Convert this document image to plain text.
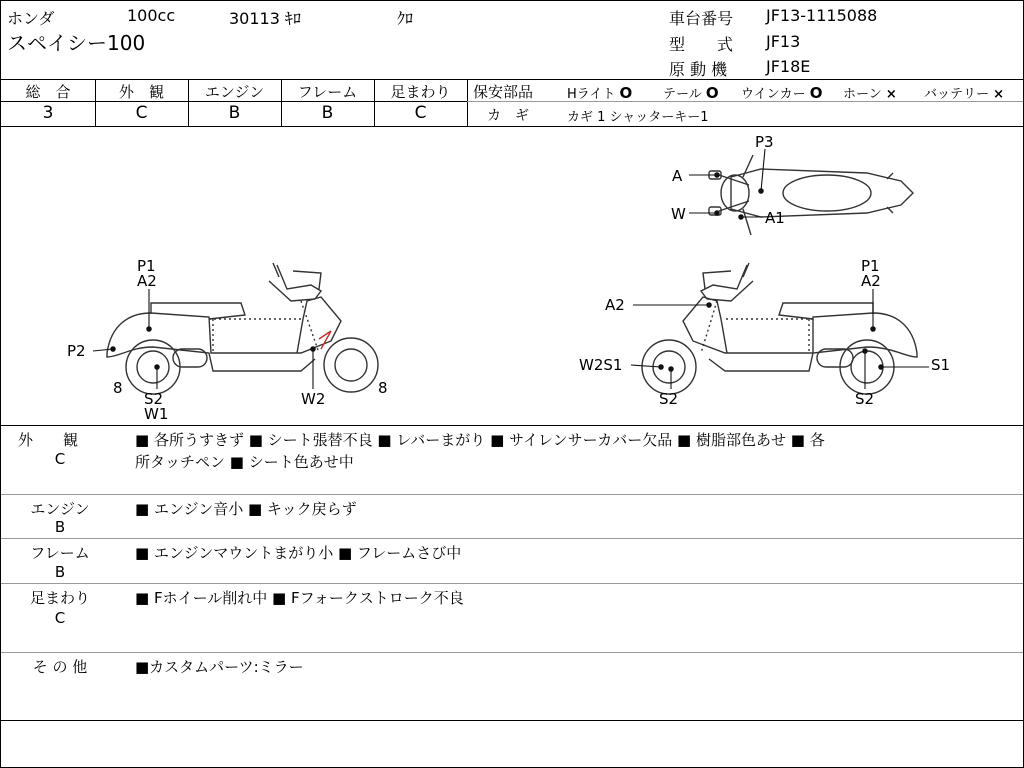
ホンダ	100cc	30113 ｷﾛ	ｸﾛ
スペイシー100
車台番号 JF13-1115088
型　　式 JF13
原 動 機 JF18E
総　合	外　観	エンジン	フレーム	足まわり
3	C	B	B	C
保安部品	Hライト O テール O ウインカー O ホーン × バッテリー ×
カ　ギ	カギ 1 シャッターキー1
P3
A
W	A1
P1
A2
P2
8
S2
W1
W2
8
P1
A2
A2
W2S1
S2
S1
S2
外　　観
C
■ 各所うすきず ■ シート張替不良 ■ レバーまがり ■ サイレンサーカバー欠品 ■ 樹脂部色あせ ■ 各
所タッチペン ■ シート色あせ中
エンジン
B
■ エンジン音小 ■ キック戻らず
フレーム
B
■ エンジンマウントまがり小 ■ フレームさび中
足まわり
C
■ Fホイール削れ中 ■ Fフォークストローク不良
そ の 他	■カスタムパーツ:ミラー
